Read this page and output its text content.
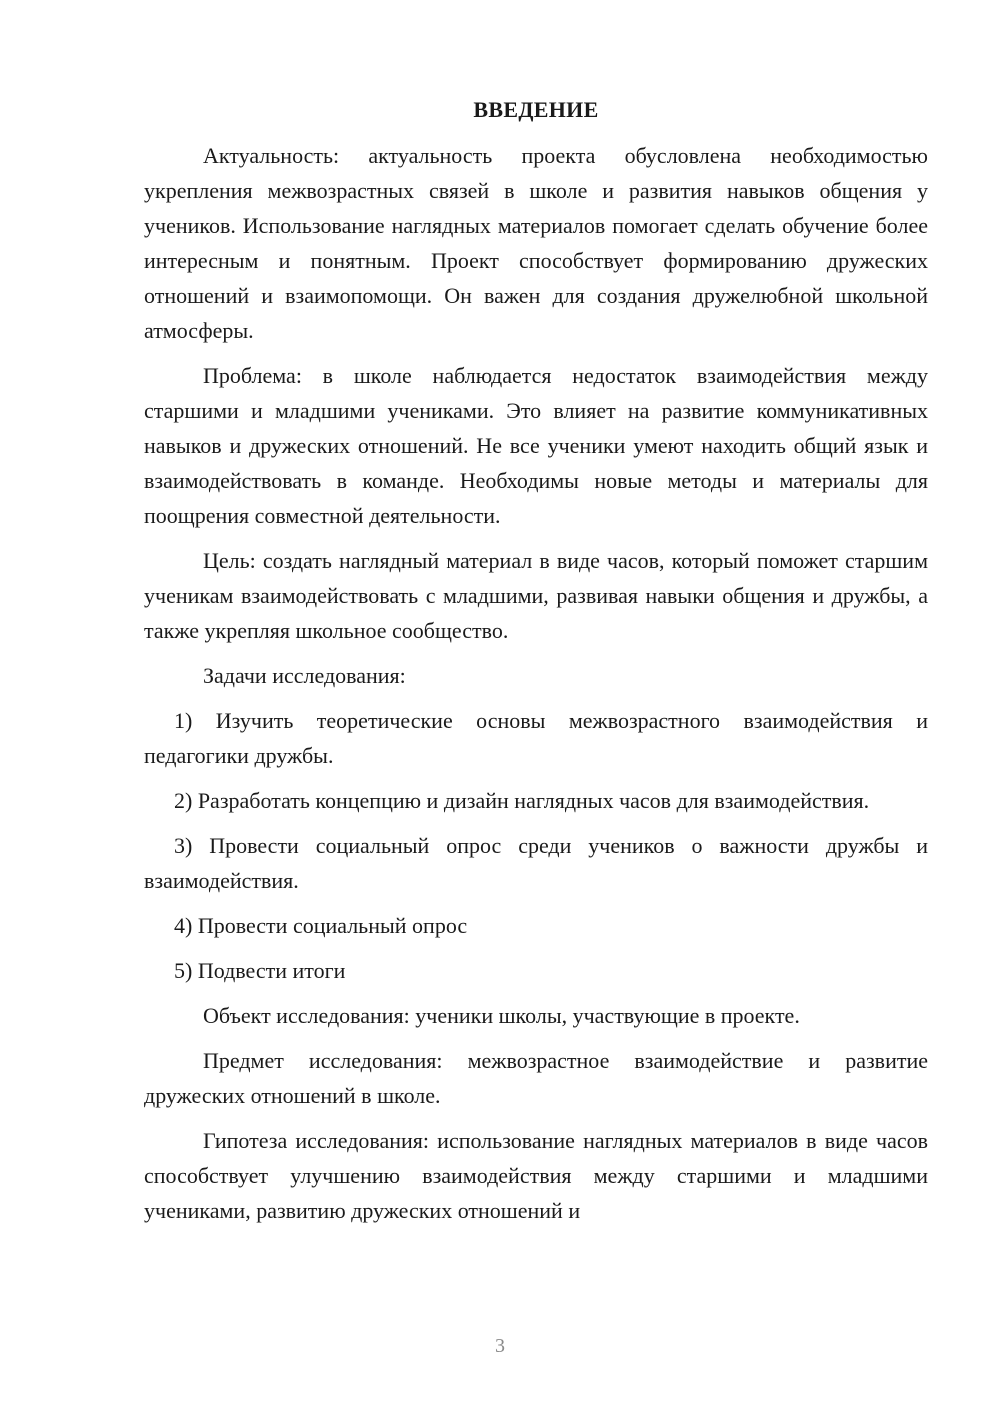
ВВЕДЕНИЕ

Актуальность: актуальность проекта обусловлена необходимостью укрепления межвозрастных связей в школе и развития навыков общения у учеников. Использование наглядных материалов помогает сделать обучение более интересным и понятным. Проект способствует формированию дружеских отношений и взаимопомощи. Он важен для создания дружелюбной школьной атмосферы.

Проблема: в школе наблюдается недостаток взаимодействия между старшими и младшими учениками. Это влияет на развитие коммуникативных навыков и дружеских отношений. Не все ученики умеют находить общий язык и взаимодействовать в команде. Необходимы новые методы и материалы для поощрения совместной деятельности.

Цель: создать наглядный материал в виде часов, который поможет старшим ученикам взаимодействовать с младшими, развивая навыки общения и дружбы, а также укрепляя школьное сообщество.

Задачи исследования:

1) Изучить теоретические основы межвозрастного взаимодействия и педагогики дружбы.

2) Разработать концепцию и дизайн наглядных часов для взаимодействия.

3) Провести социальный опрос среди учеников о важности дружбы и взаимодействия.

4) Провести социальный опрос

5) Подвести итоги

Объект исследования: ученики школы, участвующие в проекте.

Предмет исследования: межвозрастное взаимодействие и развитие дружеских отношений в школе.

Гипотеза исследования: использование наглядных материалов в виде часов способствует улучшению взаимодействия между старшими и младшими учениками, развитию дружеских отношений и

3
